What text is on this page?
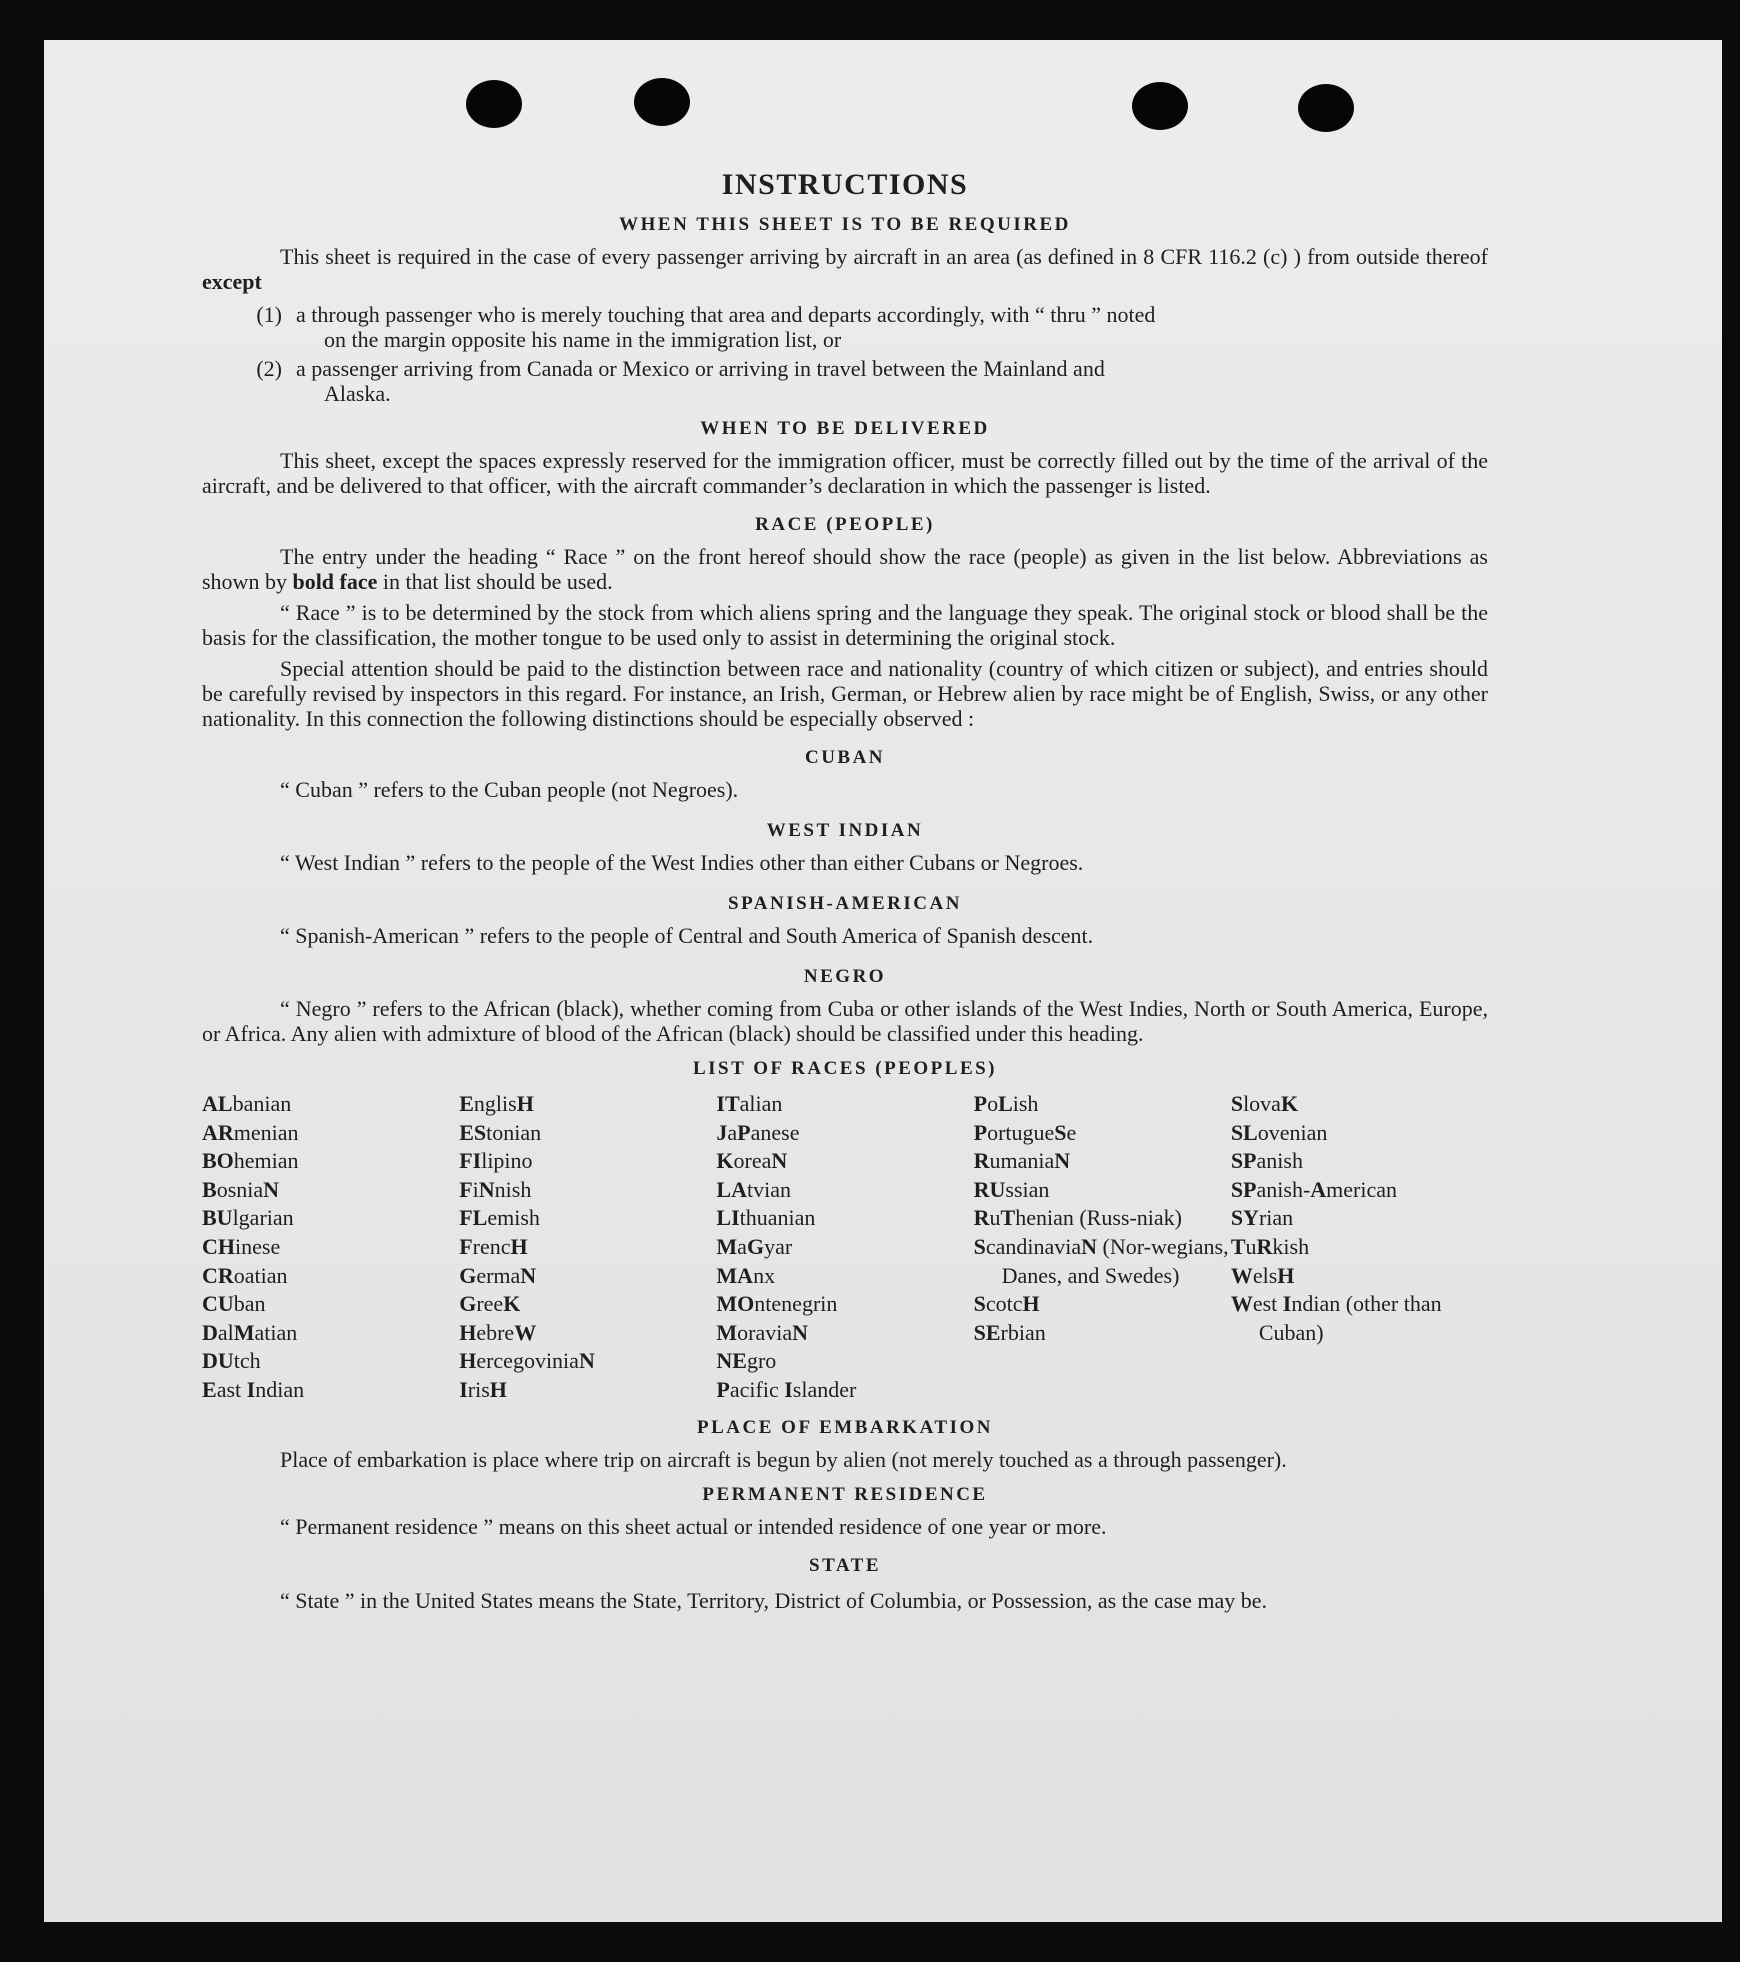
INSTRUCTIONS
WHEN THIS SHEET IS TO BE REQUIRED

This sheet is required in the case of every passenger arriving by aircraft in an area (as defined in 8 CFR 116.2 (c) ) from outside thereof except

(1) a through passenger who is merely touching that area and departs accordingly, with “ thru ” noted
on the margin opposite his name in the immigration list, or
(2) a passenger arriving from Canada or Mexico or arriving in travel between the Mainland and
Alaska.
WHEN TO BE DELIVERED

This sheet, except the spaces expressly reserved for the immigration officer, must be correctly filled out by the time of the arrival of the aircraft, and be delivered to that officer, with the aircraft commander’s declaration in which the passenger is listed.

RACE (PEOPLE)

The entry under the heading “ Race ” on the front hereof should show the race (people) as given in the list below. Abbreviations as shown by bold face in that list should be used.

“ Race ” is to be determined by the stock from which aliens spring and the language they speak. The original stock or blood shall be the basis for the classification, the mother tongue to be used only to assist in determining the original stock.

Special attention should be paid to the distinction between race and nationality (country of which citizen or subject), and entries should be carefully revised by inspectors in this regard. For instance, an Irish, German, or Hebrew alien by race might be of English, Swiss, or any other nationality. In this connection the following distinctions should be especially observed :

CUBAN

“ Cuban ” refers to the Cuban people (not Negroes).

WEST INDIAN

“ West Indian ” refers to the people of the West Indies other than either Cubans or Negroes.

SPANISH-AMERICAN

“ Spanish-American ” refers to the people of Central and South America of Spanish descent.

NEGRO

“ Negro ” refers to the African (black), whether coming from Cuba or other islands of the West Indies, North or South America, Europe, or Africa. Any alien with admixture of blood of the African (black) should be classified under this heading.

LIST OF RACES (PEOPLES)
ALbanian
ARmenian
BOhemian
BosniaN
BUlgarian
CHinese
CRoatian
CUban
DalMatian
DUtch
East Indian
EnglisH
EStonian
FIlipino
FiNnish
FLemish
FrencH
GermaN
GreeK
HebreW
HercegoviniaN
IrisH
ITalian
JaPanese
KoreaN
LAtvian
LIthuanian
MaGyar
MAnx
MOntenegrin
MoraviaN
NEgro
Pacific Islander
PoLish
PortugueSe
RumaniaN
RUssian
RuThenian (Russ-niak)
ScandinaviaN (Nor-wegians, Danes, and Swedes)
ScotcH
SErbian
SlovaK
SLovenian
SPanish
SPanish-American
SYrian
TuRkish
WelsH
West Indian (other than Cuban)
PLACE OF EMBARKATION

Place of embarkation is place where trip on aircraft is begun by alien (not merely touched as a through passenger).

PERMANENT RESIDENCE

“ Permanent residence ” means on this sheet actual or intended residence of one year or more.

STATE

“ State ” in the United States means the State, Territory, District of Columbia, or Possession, as the case may be.
